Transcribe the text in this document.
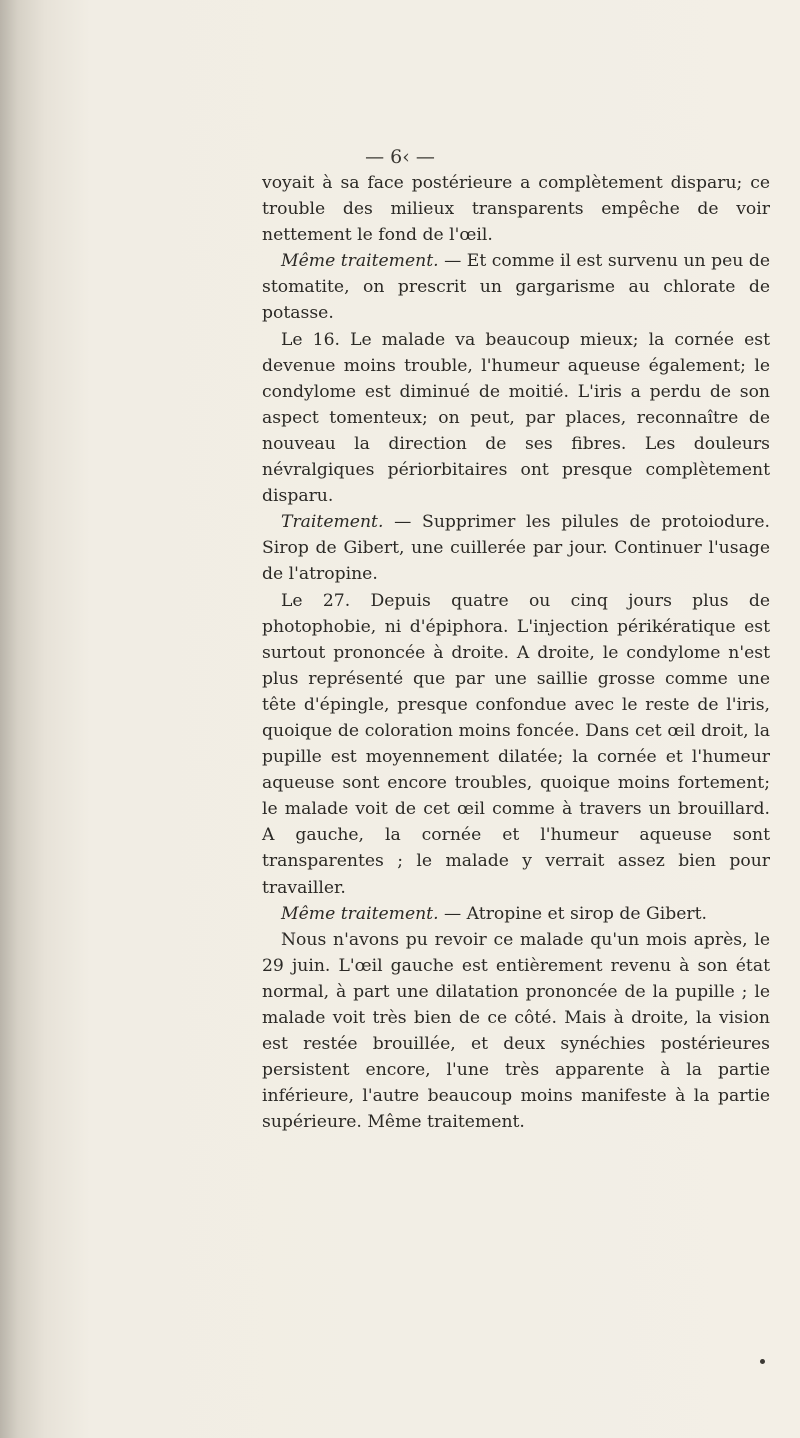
— 6‹ —

voyait à sa face postérieure a complètement disparu; ce trouble des milieux transparents empêche de voir nettement le fond de l'œil.

Même traitement. — Et comme il est survenu un peu de stomatite, on prescrit un gargarisme au chlorate de potasse.

Le 16. Le malade va beaucoup mieux; la cornée est devenue moins trouble, l'humeur aqueuse également; le condylome est diminué de moitié. L'iris a perdu de son aspect tomenteux; on peut, par places, reconnaître de nouveau la direction de ses fibres. Les douleurs névralgiques périorbitaires ont presque complètement disparu.

Traitement. — Supprimer les pilules de protoiodure. Sirop de Gibert, une cuillerée par jour. Continuer l'usage de l'atropine.

Le 27. Depuis quatre ou cinq jours plus de photophobie, ni d'épiphora. L'injection périkératique est surtout prononcée à droite. A droite, le condylome n'est plus représenté que par une saillie grosse comme une tête d'épingle, presque confondue avec le reste de l'iris, quoique de coloration moins foncée. Dans cet œil droit, la pupille est moyennement dilatée; la cornée et l'humeur aqueuse sont encore troubles, quoique moins fortement; le malade voit de cet œil comme à travers un brouillard. A gauche, la cornée et l'humeur aqueuse sont transparentes ; le malade y verrait assez bien pour travailler.

Même traitement. — Atropine et sirop de Gibert.

Nous n'avons pu revoir ce malade qu'un mois après, le 29 juin. L'œil gauche est entièrement revenu à son état normal, à part une dilatation prononcée de la pupille ; le malade voit très bien de ce côté. Mais à droite, la vision est restée brouillée, et deux synéchies postérieures persistent encore, l'une très apparente à la partie inférieure, l'autre beaucoup moins manifeste à la partie supérieure. Même traitement.
